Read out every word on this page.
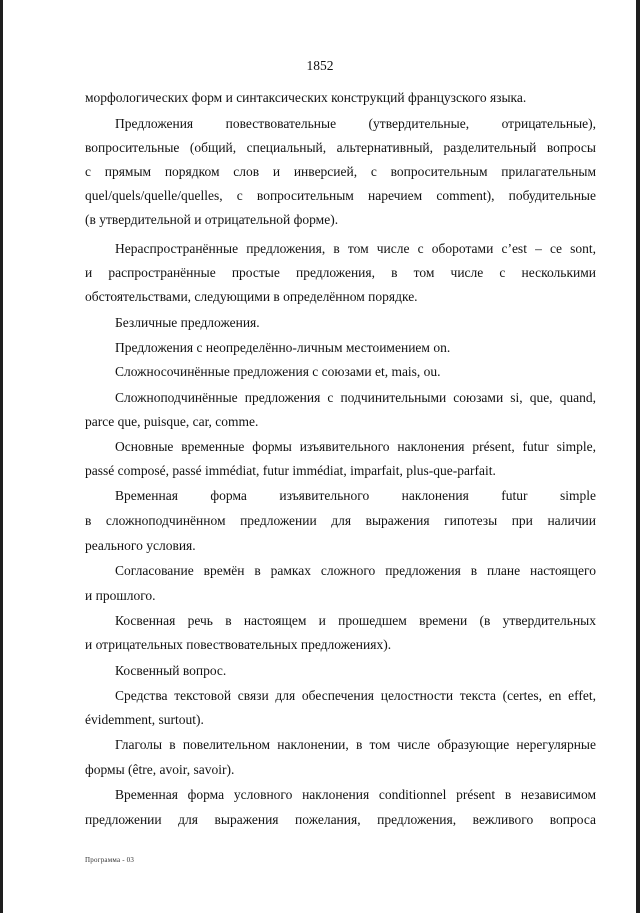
1852
морфологических форм и синтаксических конструкций французского языка.
Предложения повествовательные (утвердительные, отрицательные),
вопросительные (общий, специальный, альтернативный, разделительный вопросы
с прямым порядком слов и инверсией, с вопросительным прилагательным
quel/quels/quelle/quelles, с вопросительным наречием comment), побудительные
(в утвердительной и отрицательной форме).
Нераспространённые предложения, в том числе с оборотами c’est – ce sont,
и распространённые простые предложения, в том числе с несколькими
обстоятельствами, следующими в определённом порядке.
Безличные предложения.
Предложения с неопределённо-личным местоимением on.
Сложносочинённые предложения с союзами et, mais, ou.
Сложноподчинённые предложения с подчинительными союзами si, que, quand,
parce que, puisque, car, comme.
Основные временные формы изъявительного наклонения présent, futur simple,
passé composé, passé immédiat, futur immédiat, imparfait, plus-que-parfait.
Временная форма изъявительного наклонения futur simple
в сложноподчинённом предложении для выражения гипотезы при наличии
реального условия.
Согласование времён в рамках сложного предложения в плане настоящего
и прошлого.
Косвенная речь в настоящем и прошедшем времени (в утвердительных
и отрицательных повествовательных предложениях).
Косвенный вопрос.
Средства текстовой связи для обеспечения целостности текста (certes, en effet,
évidemment, surtout).
Глаголы в повелительном наклонении, в том числе образующие нерегулярные
формы (être, avoir, savoir).
Временная форма условного наклонения conditionnel présent в независимом
предложении для выражения пожелания, предложения, вежливого вопроса
Программа - 03
